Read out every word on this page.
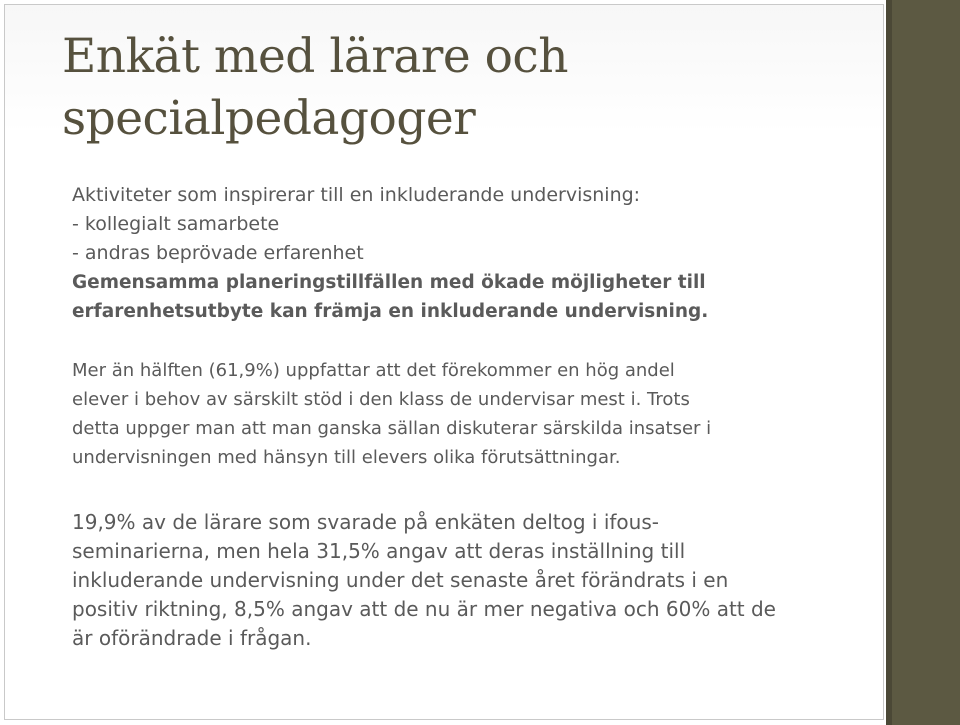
Enkät med lärare och
specialpedagoger

Aktiviteter som inspirerar till en inkluderande undervisning:

- kollegialt samarbete

- andras beprövade erfarenhet

Gemensamma planeringstillfällen med ökade möjligheter till

erfarenhetsutbyte kan främja en inkluderande undervisning.

Mer än hälften (61,9%) uppfattar att det förekommer en hög andel
elever i behov av särskilt stöd i den klass de undervisar mest i. Trots
detta uppger man att man ganska sällan diskuterar särskilda insatser i
undervisningen med hänsyn till elevers olika förutsättningar.
19,9% av de lärare som svarade på enkäten deltog i ifous-
seminarierna, men hela 31,5% angav att deras inställning till
inkluderande undervisning under det senaste året förändrats i en
positiv riktning, 8,5% angav att de nu är mer negativa och 60% att de
är oförändrade i frågan.
